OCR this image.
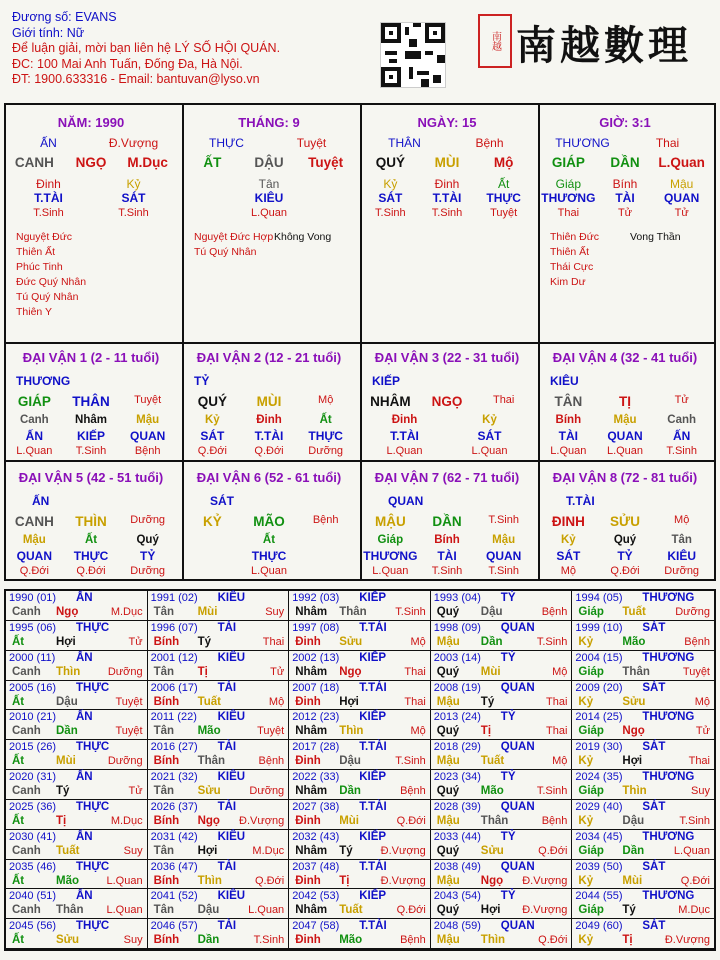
Đương số: EVANS
Giới tính: Nữ
Để luận giải, mời bạn liên hệ LÝ SỐ HỘI QUÁN.
ĐC: 100 Mai Anh Tuấn, Đống Đa, Hà Nội.
ĐT: 1900.633316 - Email: bantuvan@lyso.vn
南越 南越數理
NĂM: 1990
ẤN	Đ.Vượng
CANH	NGỌ	M.Dục
Đinh	Kỷ
T.TÀI	SÁT
T.Sinh	T.Sinh
Nguyệt Đức
Thiên Ất
Phúc Tinh
Đức Quý Nhân
Tú Quý Nhân
Thiên Y
THÁNG: 9
THỰC	Tuyệt
ẤT	DẬU	Tuyệt
Tân
KIÊU
L.Quan
Nguyệt Đức Hợp
Tú Quý Nhân
Không Vong
NGÀY: 15
THÂN	Bệnh
QUÝ	MÙI	Mộ
Kỷ	Đinh	Ất
SÁT	T.TÀI	THỰC
T.Sinh	T.Sinh	Tuyệt
GIỜ: 3:1
THƯƠNG	Thai
GIÁP	DẦN	L.Quan
Giáp	Bính	Mậu
THƯƠNG	TÀI	QUAN
Thai	Tử	Tử
Thiên Đức
Thiên Ất
Thái Cực
Kim Dư
Vong Thần
ĐẠI VẬN 1 (2 - 11 tuổi)
THƯƠNG
GIÁP	THÂN	Tuyệt
Canh	Nhâm	Mậu
ẤN	KIẾP	QUAN
L.Quan	T.Sinh	Bệnh
ĐẠI VẬN 2 (12 - 21 tuổi)
TỶ
QUÝ	MÙI	Mộ
Kỷ	Đinh	Ất
SÁT	T.TÀI	THỰC
Q.Đới	Q.Đới	Dưỡng
ĐẠI VẬN 3 (22 - 31 tuổi)
KIẾP
NHÂM	NGỌ	Thai
Đinh	Kỷ
T.TÀI	SÁT
L.Quan	L.Quan
ĐẠI VẬN 4 (32 - 41 tuổi)
KIÊU
TÂN	TỊ	Tử
Bính	Mậu	Canh
TÀI	QUAN	ẤN
L.Quan	L.Quan	T.Sinh
ĐẠI VẬN 5 (42 - 51 tuổi)
ẤN
CANH	THÌN	Dưỡng
Mậu	Ất	Quý
QUAN	THỰC	TỶ
Q.Đới	Q.Đới	Dưỡng
ĐẠI VẬN 6 (52 - 61 tuổi)
SÁT
KỶ	MÃO	Bệnh
Ất
THỰC
L.Quan
ĐẠI VẬN 7 (62 - 71 tuổi)
QUAN
MẬU	DẦN	T.Sinh
Giáp	Bính	Mậu
THƯƠNG	TÀI	QUAN
L.Quan	T.Sinh	T.Sinh
ĐẠI VẬN 8 (72 - 81 tuổi)
T.TÀI
ĐINH	SỬU	Mộ
Kỷ	Quý	Tân
SÁT	TỶ	KIÊU
Mộ	Q.Đới	Dưỡng
1990 (01) ẤN
Canh Ngọ	M.Dục
1991 (02) KIÊU
Tân Mùi	Suy
1992 (03) KIẾP
Nhâm Thân	T.Sinh
1993 (04) TỶ
Quý Dậu	Bệnh
1994 (05) THƯƠNG
Giáp Tuất	Dưỡng
1995 (06) THỰC
Ất	Hợi	Tử
1996 (07) TÀI
Bính Tý	Thai
1997 (08) T.TÀI
Đinh Sửu	Mộ
1998 (09) QUAN
Mậu Dần	T.Sinh
1999 (10) SÁT
Kỷ	Mão	Bệnh
2000 (11) ẤN
Canh Thìn	Dưỡng
2001 (12) KIÊU
Tân Tị	Tử
2002 (13) KIẾP
Nhâm Ngọ	Thai
2003 (14) TỶ
Quý Mùi	Mộ
2004 (15) THƯƠNG
Giáp Thân	Tuyệt
2005 (16) THỰC
Ất	Dậu	Tuyệt
2006 (17) TÀI
Bính Tuất	Mộ
2007 (18) T.TÀI
Đinh Hợi	Thai
2008 (19) QUAN
Mậu Tý	Thai
2009 (20) SÁT
Kỷ	Sửu	Mộ
2010 (21) ẤN
Canh Dần	Tuyệt
2011 (22) KIÊU
Tân Mão	Tuyệt
2012 (23) KIẾP
Nhâm Thìn	Mộ
2013 (24) TỶ
Quý Tị	Thai
2014 (25) THƯƠNG
Giáp Ngọ	Tử
2015 (26) THỰC
Ất	Mùi	Dưỡng
2016 (27) TÀI
Bính Thân	Bệnh
2017 (28) T.TÀI
Đinh Dậu	T.Sinh
2018 (29) QUAN
Mậu Tuất	Mộ
2019 (30) SÁT
Kỷ	Hợi	Thai
2020 (31) ẤN
Canh Tý	Tử
2021 (32) KIÊU
Tân Sửu	Dưỡng
2022 (33) KIẾP
Nhâm Dần	Bệnh
2023 (34) TỶ
Quý Mão	T.Sinh
2024 (35) THƯƠNG
Giáp Thìn	Suy
2025 (36) THỰC
Ất	Tị	M.Dục
2026 (37) TÀI
Bính Ngọ Đ.Vượng
2027 (38) T.TÀI
Đinh Mùi	Q.Đới
2028 (39) QUAN
Mậu Thân	Bệnh
2029 (40) SÁT
Kỷ	Dậu	T.Sinh
2030 (41) ẤN
Canh Tuất	Suy
2031 (42) KIÊU
Tân Hợi	M.Dục
2032 (43) KIẾP
Nhâm Tý	Đ.Vượng
2033 (44) TỶ
Quý Sửu	Q.Đới
2034 (45) THƯƠNG
Giáp Dần	L.Quan
2035 (46) THỰC
Ất	Mão	L.Quan
2036 (47) TÀI
Bính Thìn	Q.Đới
2037 (48) T.TÀI
Đinh Tị	Đ.Vượng
2038 (49) QUAN
Mậu Ngọ Đ.Vượng
2039 (50) SÁT
Kỷ	Mùi	Q.Đới
2040 (51) ẤN
Canh Thân L.Quan
2041 (52) KIÊU
Tân Dậu	L.Quan
2042 (53) KIẾP
Nhâm Tuất	Q.Đới
2043 (54) TỶ
Quý Hợi Đ.Vượng
2044 (55) THƯƠNG
Giáp Tý	M.Dục
2045 (56) THỰC
Ất	Sửu	Suy
2046 (57) TÀI
Bính Dần	T.Sinh
2047 (58) T.TÀI
Đinh Mão	Bệnh
2048 (59) QUAN
Mậu Thìn	Q.Đới
2049 (60) SÁT
Kỷ	Tị	Đ.Vượng
